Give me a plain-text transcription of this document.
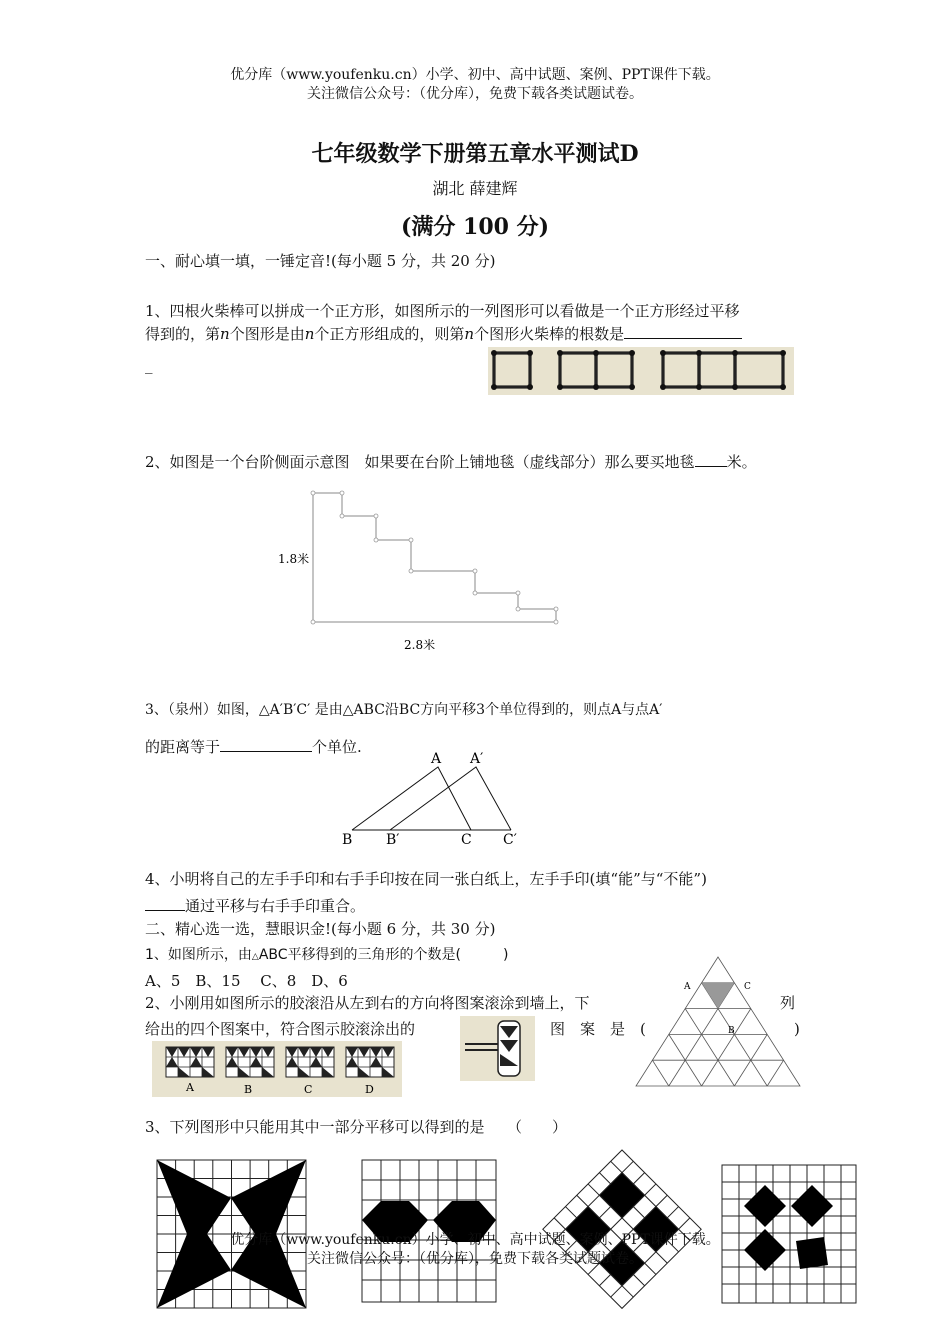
优分库（www.youfenku.cn）小学、初中、高中试题、案例、PPT课件下载。
关注微信公众号：（优分库），免费下载各类试题试卷。
七年级数学下册第五章水平测试D
湖北 薛建辉
(满分 100 分)
一、耐心填一填，一锤定音!(每小题 5 分，共 20 分)
1、四根火柴棒可以拼成一个正方形，如图所示的一列图形可以看做是一个正方形经过平移
得到的，第n个图形是由n个正方形组成的，则第n个图形火柴棒的根数是
_
2、如图是一个台阶侧面示意图　如果要在台阶上铺地毯（虚线部分）那么要买地毯 米。
1.8米
2.8米
3、（泉州）如图，△A′B′C′ 是由△ABC沿BC方向平移3个单位得到的，则点A与点A′
的距离等于	个单位.
A A′
B B′	C C′
4、小明将自己的左手手印和右手手印按在同一张白纸上，左手手印(填“能”与“不能”)
通过平移与右手手印重合。
二、精心选一选，慧眼识金!(每小题 6 分，共 30 分)
1、如图所示，由△ABC平移得到的三角形的个数是(　　　)
A、5　B、15　 C、8　D、6	A	C
B
2、小刚用如图所示的胶滚沿从左到右的方向将图案滚涂到墙上，下	列
给出的四个图案中，符合图示胶滚涂出的	图　案　是　(	)
A	B	C	D
3、下列图形中只能用其中一部分平移可以得到的是　　（　　）
优分库（www.youfenku.cn）小学、初中、高中试题、案例、PPT课件下载。
关注微信公众号：（优分库），免费下载各类试题试卷。
